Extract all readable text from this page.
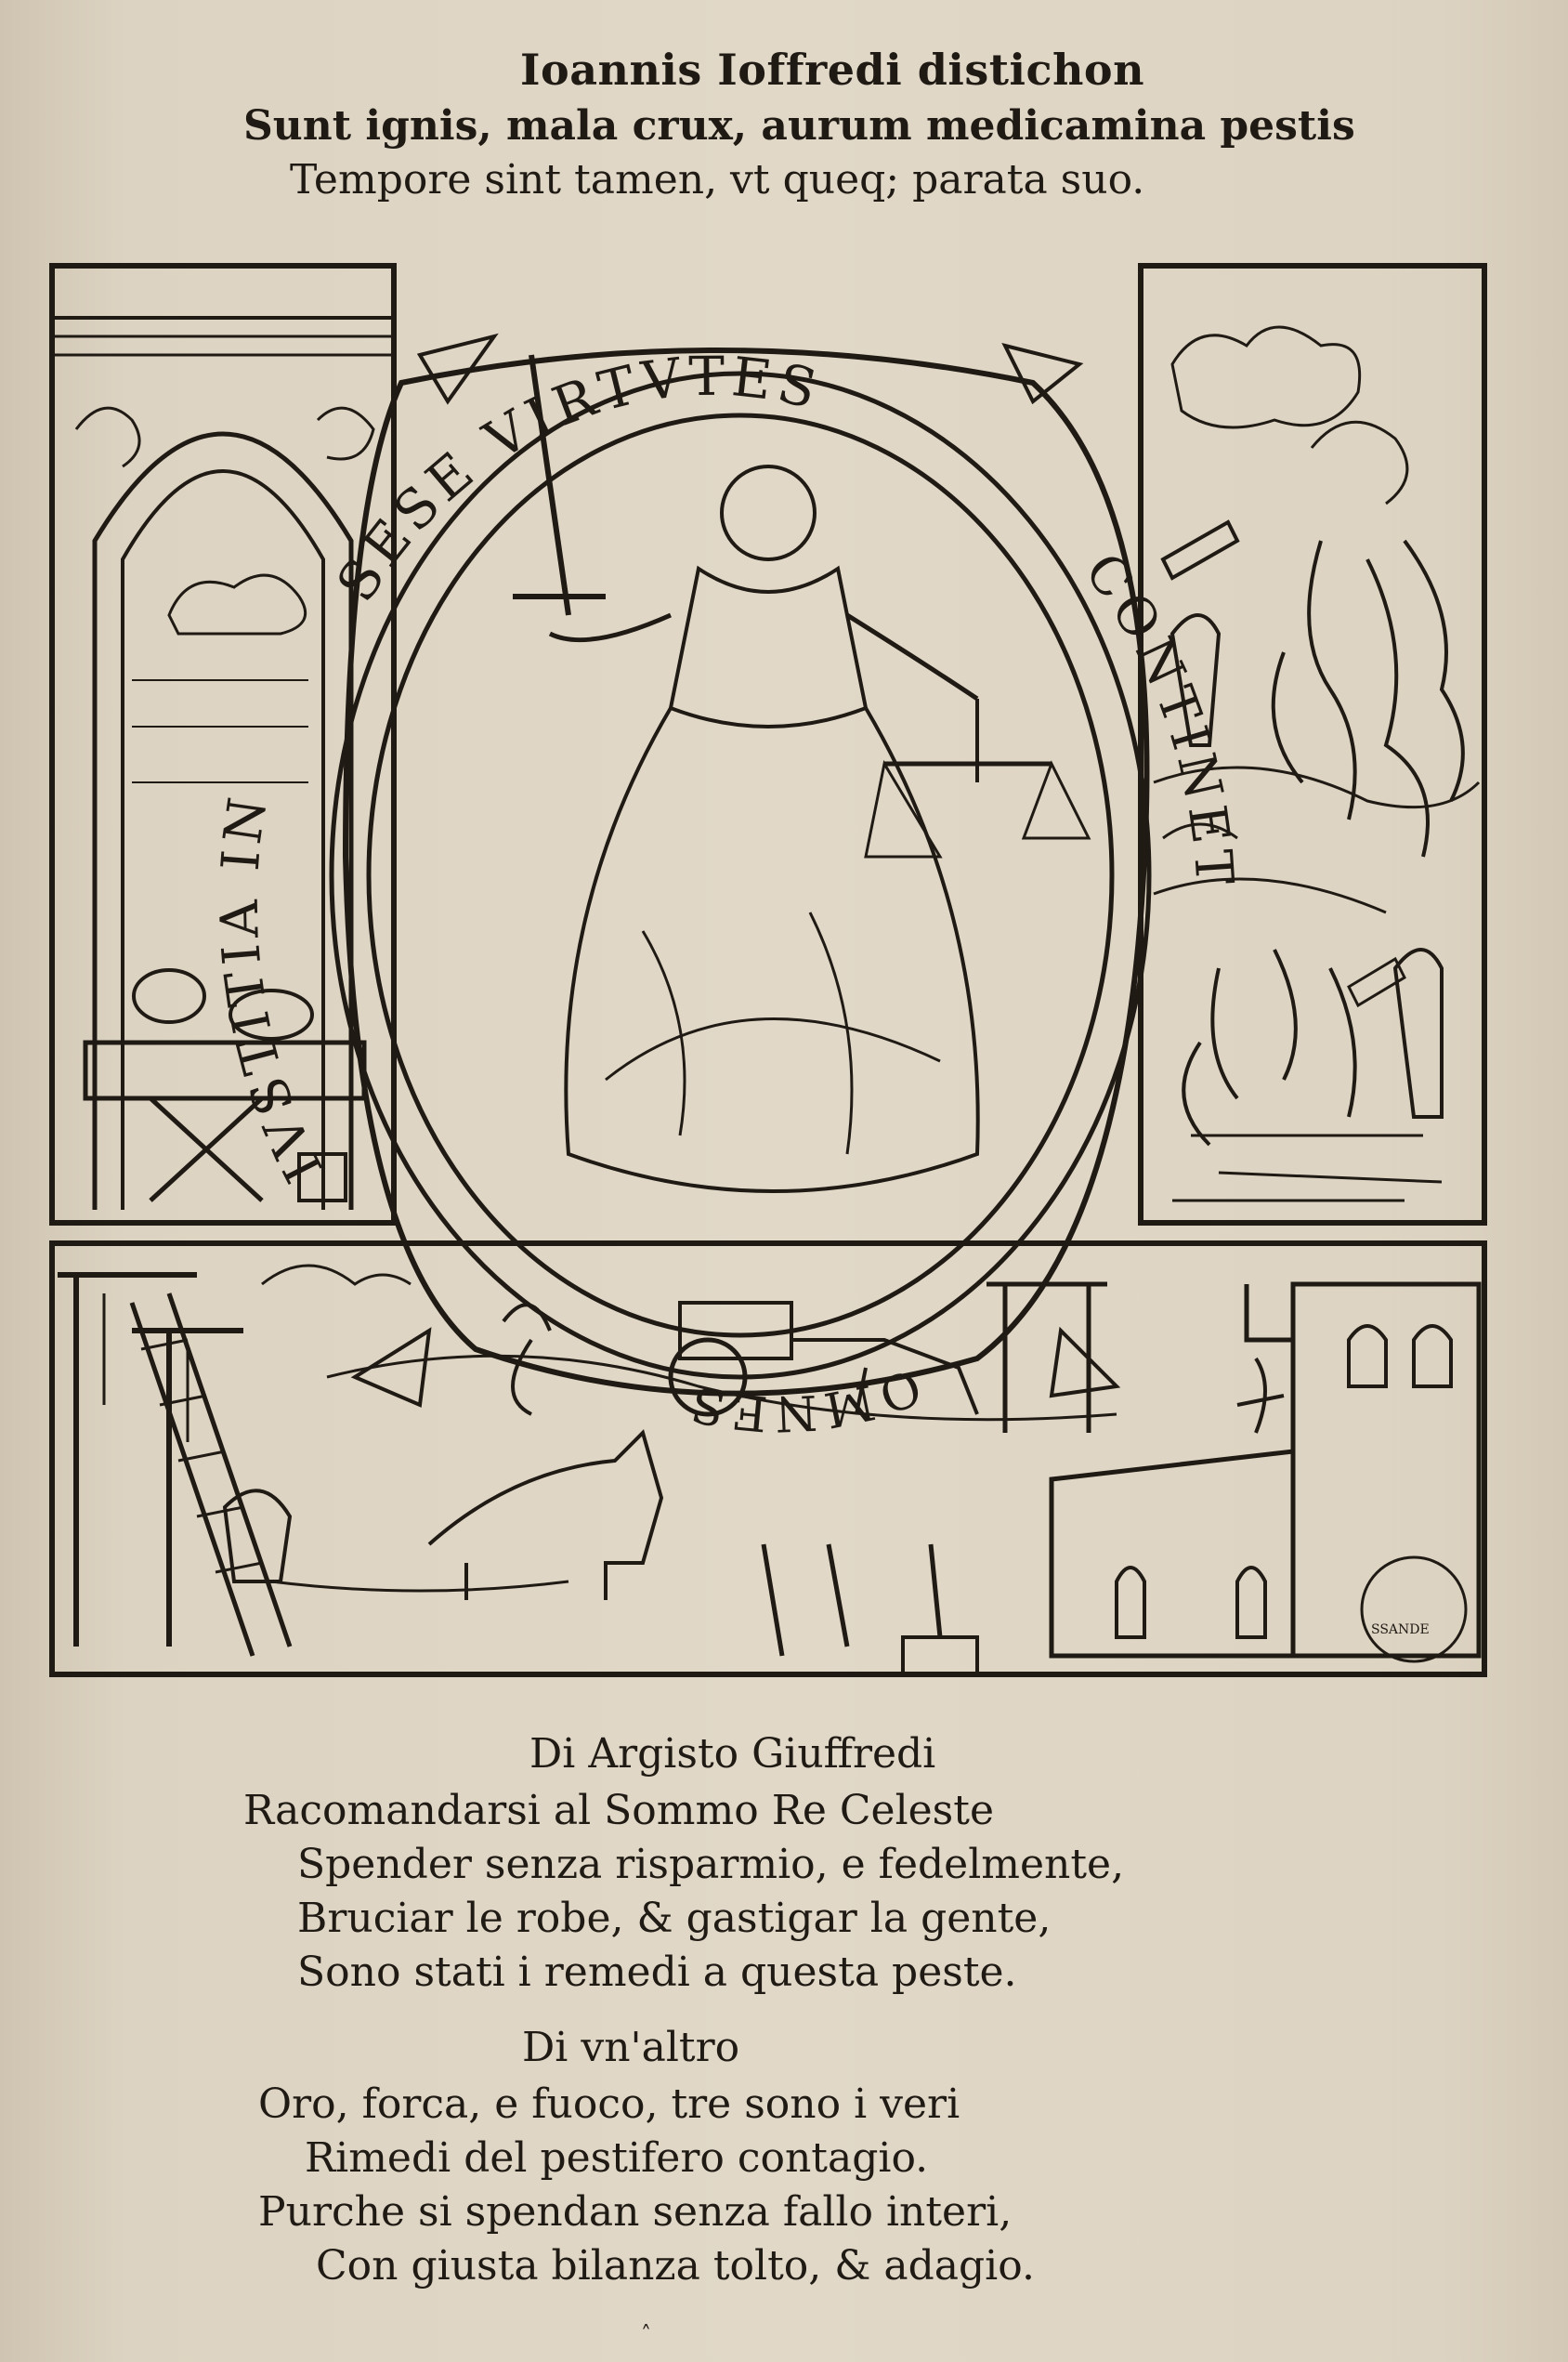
Ioannis Ioffredi distichon
Sunt ignis, mala crux, aurum medicamina pestis
Tempore sint tamen, vt queq; parata suo.
SESE VIRTVTES
CONTINET
IVSTITIA IN
OMNES
SSANDE
Di Argisto Giuffredi
Racomandarsi al Sommo Re Celeste
Spender senza risparmio, e fedelmente,
Bruciar le robe, & gastigar la gente,
Sono stati i remedi a questa peste.
Di vn'altro
Oro, forca, e fuoco, tre sono i veri
Rimedi del pestifero contagio.
Purche si spendan senza fallo interi,
Con giusta bilanza tolto, & adagio.
˄
